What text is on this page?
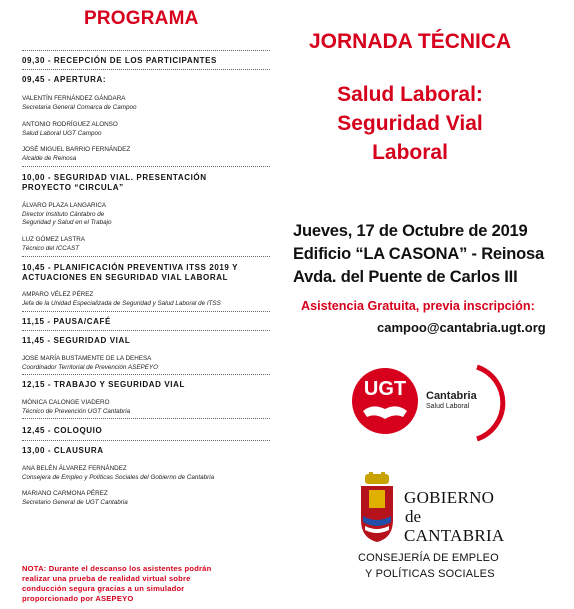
PROGRAMA
09,30 - RECEPCIÓN DE LOS PARTICIPANTES
09,45 - APERTURA:
VALENTÍN FERNÁNDEZ GÁNDARA
Secretaria General Comarca de Campoo
ANTONIO RODRÍGUEZ ALONSO
Salud Laboral UGT Campoo
JOSÉ MIGUEL BARRIO FERNÁNDEZ
Alcalde de Reinosa
10,00 - SEGURIDAD VIAL. PRESENTACIÓN
PROYECTO “CIRCULA”
ÁLVARO PLAZA LANGARICA
Director Instituto Cántabro de
Seguridad y Salud en el Trabajo
LUZ GÓMEZ LASTRA
Técnico del ICCAST
10,45 - PLANIFICACIÓN PREVENTIVA ITSS 2019 Y
ACTUACIONES EN SEGURIDAD VIAL LABORAL
AMPARO VÉLEZ PÉREZ
Jefa de la Unidad Especializada de Seguridad y Salud Laboral de ITSS
11,15 - PAUSA/CAFÉ
11,45 - SEGURIDAD VIAL
JOSE MARÍA BUSTAMENTE DE LA DEHESA
Coordinador Territorial de Prevención ASEPEYO
12,15 - TRABAJO Y SEGURIDAD VIAL
MÓNICA CALONGE VIADERO
Técnico de Prevención UGT Cantabria
12,45 - COLOQUIO
13,00 - CLAUSURA
ANA BELÉN ÁLVAREZ FERNÁNDEZ
Consejera de Empleo y Políticas Sociales del Gobierno de Cantabria
MARIANO CARMONA PÉREZ
Secretario General de UGT Cantabria
NOTA: Durante el descanso los asistentes podrán
realizar una prueba de realidad virtual sobre
conducción segura gracias a un simulador
proporcionado por ASEPEYO
JORNADA TÉCNICA
Salud Laboral:
Seguridad Vial
Laboral
Jueves, 17 de Octubre de 2019
Edificio “LA CASONA” - Reinosa
Avda. del Puente de Carlos III
Asistencia Gratuita, previa inscripción:
campoo@cantabria.ugt.org
UGT Cantabria
Salud Laboral
GOBIERNO
de
CANTABRIA
CONSEJERÍA DE EMPLEO
Y POLÍTICAS SOCIALES
